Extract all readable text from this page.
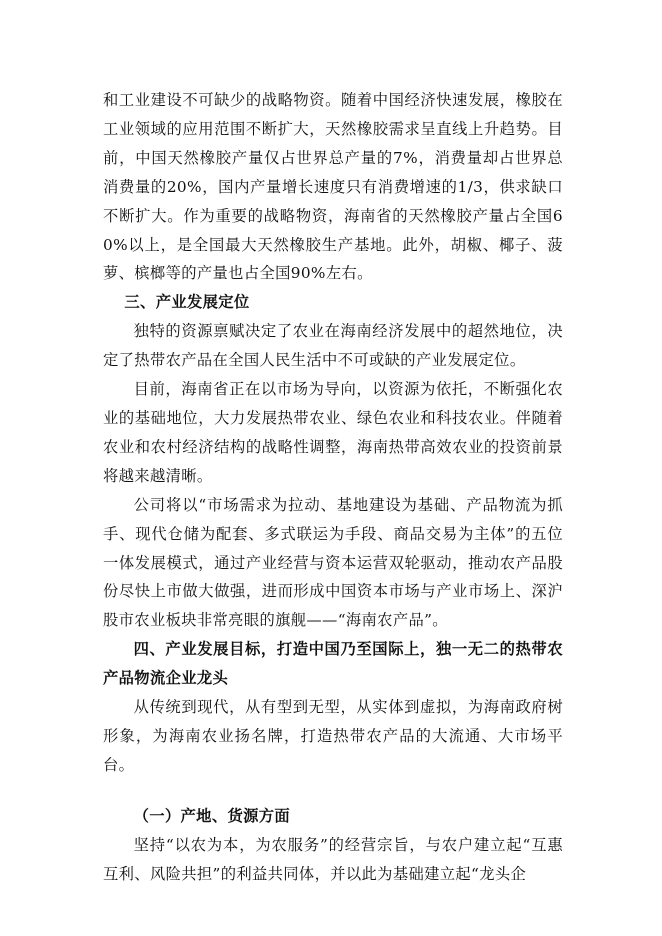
和工业建设不可缺少的战略物资。随着中国经济快速发展，橡胶在工业领域的应用范围不断扩大，天然橡胶需求呈直线上升趋势。目前，中国天然橡胶产量仅占世界总产量的7%，消费量却占世界总消费量的20%，国内产量增长速度只有消费增速的1/3，供求缺口不断扩大。作为重要的战略物资，海南省的天然橡胶产量占全国60%以上，是全国最大天然橡胶生产基地。此外，胡椒、椰子、菠萝、槟榔等的产量也占全国90%左右。

三、产业发展定位

独特的资源禀赋决定了农业在海南经济发展中的超然地位，决定了热带农产品在全国人民生活中不可或缺的产业发展定位。

目前，海南省正在以市场为导向，以资源为依托，不断强化农业的基础地位，大力发展热带农业、绿色农业和科技农业。伴随着农业和农村经济结构的战略性调整，海南热带高效农业的投资前景将越来越清晰。

公司将以“市场需求为拉动、基地建设为基础、产品物流为抓手、现代仓储为配套、多式联运为手段、商品交易为主体”的五位一体发展模式，通过产业经营与资本运营双轮驱动，推动农产品股份尽快上市做大做强，进而形成中国资本市场与产业市场上、深沪股市农业板块非常亮眼的旗舰——“海南农产品”。

四、产业发展目标，打造中国乃至国际上，独一无二的热带农产品物流企业龙头

从传统到现代，从有型到无型，从实体到虚拟，为海南政府树形象，为海南农业扬名牌，打造热带农产品的大流通、大市场平台。

（一）产地、货源方面

坚持“以农为本，为农服务”的经营宗旨，与农户建立起“互惠互利、风险共担”的利益共同体，并以此为基础建立起“龙头企
